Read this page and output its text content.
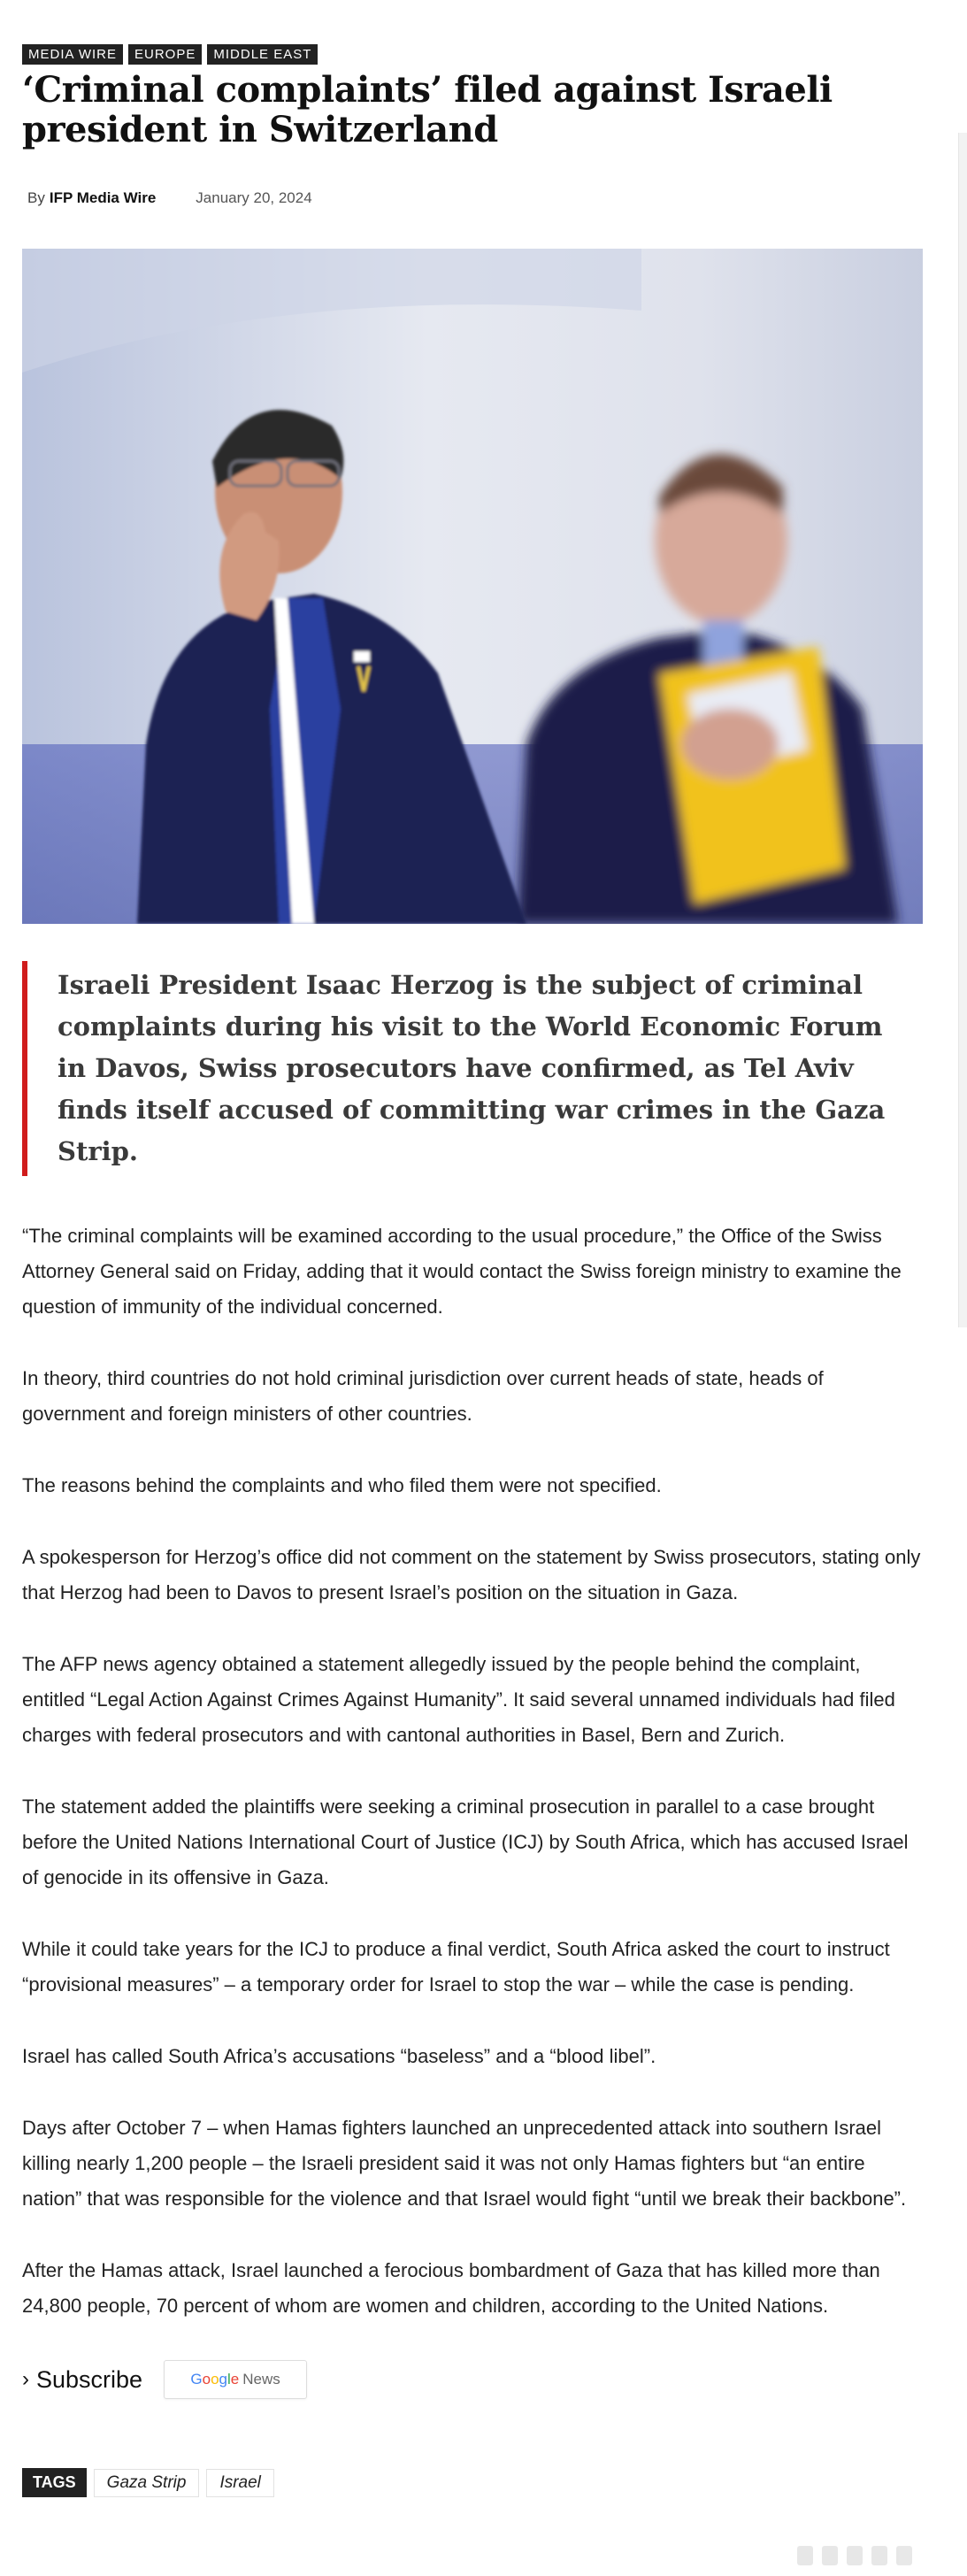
MEDIA WIRE	EUROPE	MIDDLE EAST
‘Criminal complaints’ filed against Israeli president in Switzerland
By IFP Media Wire	January 20, 2024
Israeli President Isaac Herzog is the subject of criminal complaints during his visit to the World Economic Forum in Davos, Swiss prosecutors have confirmed, as Tel Aviv finds itself accused of committing war crimes in the Gaza Strip.

“The criminal complaints will be examined according to the usual procedure,” the Office of the Swiss Attorney General said on Friday, adding that it would contact the Swiss foreign ministry to examine the question of immunity of the individual concerned.

In theory, third countries do not hold criminal jurisdiction over current heads of state, heads of government and foreign ministers of other countries.

The reasons behind the complaints and who filed them were not specified.

A spokesperson for Herzog’s office did not comment on the statement by Swiss prosecutors, stating only that Herzog had been to Davos to present Israel’s position on the situation in Gaza.

The AFP news agency obtained a statement allegedly issued by the people behind the complaint, entitled “Legal Action Against Crimes Against Humanity”. It said several unnamed individuals had filed charges with federal prosecutors and with cantonal authorities in Basel, Bern and Zurich.

The statement added the plaintiffs were seeking a criminal prosecution in parallel to a case brought before the United Nations International Court of Justice (ICJ) by South Africa, which has accused Israel of genocide in its offensive in Gaza.

While it could take years for the ICJ to produce a final verdict, South Africa asked the court to instruct “provisional measures” – a temporary order for Israel to stop the war – while the case is pending.

Israel has called South Africa’s accusations “baseless” and a “blood libel”.

Days after October 7 – when Hamas fighters launched an unprecedented attack into southern Israel killing nearly 1,200 people – the Israeli president said it was not only Hamas fighters but “an entire nation” that was responsible for the violence and that Israel would fight “until we break their backbone”.

After the Hamas attack, Israel launched a ferocious bombardment of Gaza that has killed more than 24,800 people, 70 percent of whom are women and children, according to the United Nations.

› Subscribe	Google News
TAGS	Gaza Strip	Israel
